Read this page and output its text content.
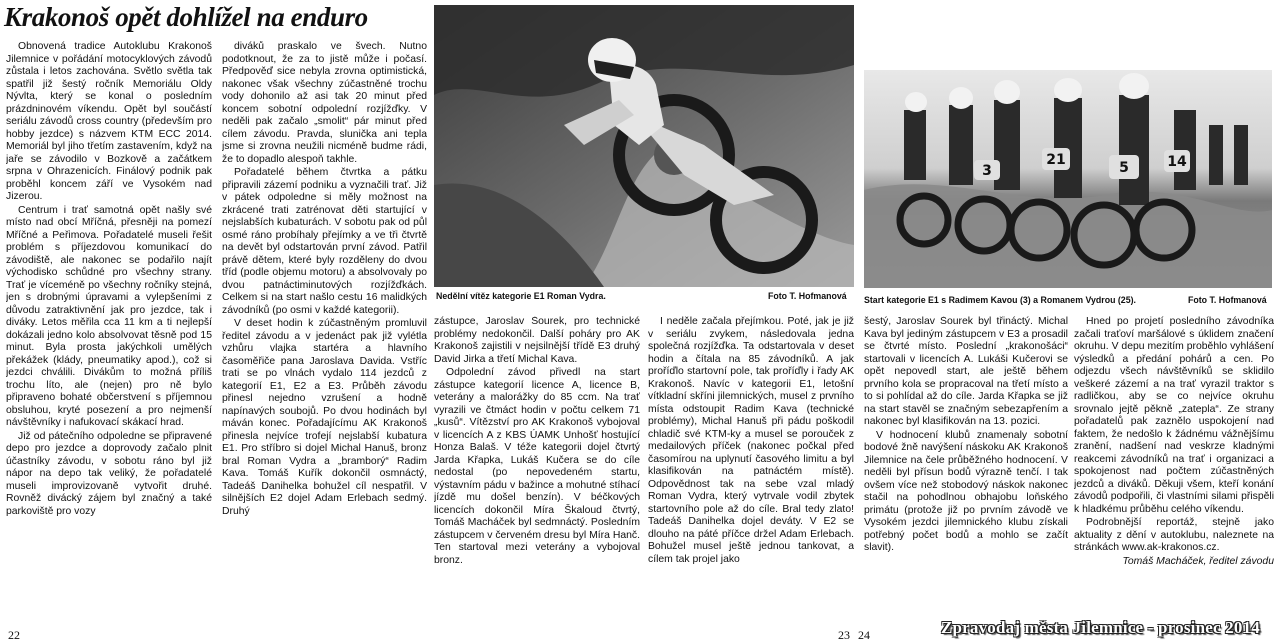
Krakonoš opět dohlížel na enduro

Obnovená tradice Autoklubu Krakonoš Jilemnice v pořádání motocyklových závodů zůstala i letos zachována. Světlo světla tak spatřil již šestý ročník Memoriálu Oldy Nývlta, který se konal o posledním prázdninovém víkendu. Opět byl součástí seriálu závodů cross country (především pro hobby jezdce) s názvem KTM ECC 2014. Memoriál byl jiho třetím zastavením, když na jaře se závodilo v Bozkově a začátkem srpna v Ohrazenicích. Finálový podnik pak proběhl koncem září ve Vysokém nad Jizerou.

Centrum i trať samotná opět našly své místo nad obcí Mříčná, přesněji na pomezí Mříčné a Peřimova. Pořadatelé museli řešit problém s příjezdovou komunikací do závodiště, ale nakonec se podařilo najít východisko schůdné pro všechny strany. Trať je víceméně po všechny ročníky stejná, jen s drobnými úpravami a vylepšeními z důvodu zatraktivnění jak pro jezdce, tak i diváky. Letos měřila cca 11 km a ti nejlepší dokázali jedno kolo absolvovat těsně pod 15 minut. Byla prosta jakýchkoli umělých překážek (klády, pneumatiky apod.), což si jezdci chválili. Divákům to možná příliš trochu líto, ale (nejen) pro ně bylo připraveno bohaté občerstvení s příjemnou obsluhou, kryté posezení a pro nejmenší návštěvníky i nafukovací skákací hrad.

Již od pátečního odpoledne se připravené depo pro jezdce a doprovody začalo plnit účastníky závodu, v sobotu ráno byl již nápor na depo tak veliký, že pořadatelé museli improvizovaně vytvořit druhé. Rovněž divácký zájem byl značný a také parkoviště pro vozy

diváků praskalo ve švech. Nutno podotknout, že za to jistě může i počasí. Předpověď sice nebyla zrovna optimistická, nakonec však všechny zúčastněné trochu vody dohonilo až asi tak 20 minut před koncem sobotní odpolední rozjížďky. V neděli pak začalo „smolit“ pár minut před cílem závodu. Pravda, slunička ani tepla jsme si zrovna neužili nicméně budme rádi, že to dopadlo alespoň takhle.

Pořadatelé během čtvrtka a pátku připravili zázemí podniku a vyznačili trať. Již v pátek odpoledne si měly možnost na zkrácené trati zatrénovat děti startující v nejslabších kubaturách. V sobotu pak od půl osmé ráno probíhaly přejímky a ve tři čtvrtě na devět byl odstartován první závod. Patřil právě dětem, které byly rozděleny do dvou tříd (podle objemu motoru) a absolvovaly po dvou patnáctiminutových rozjížďkách. Celkem si na start našlo cestu 16 malidkých závodníků (po osmi v každé kategorii).

V deset hodin k zúčastněným promluvil ředitel závodu a v jedenáct pak již vylétla vzhůru vlajka startéra a hlavního časoměřiče pana Jaroslava Davida. Vstříc trati se po vlnách vydalo 114 jezdců z kategorií E1, E2 a E3. Průběh závodu přinesl nejedno vzrušení a hodně napínavých soubojů. Po dvou hodinách byl máván konec. Pořadajícímu AK Krakonoš přinesla nejvíce trofejí nejslabší kubatura E1. Pro stříbro si dojel Michal Hanuš, bronz bral Roman Vydra a „bramborý“ Radim Kava. Tomáš Kuřík dokončil osmnáctý, Tadeáš Danihelka bohužel cíl nespatřil. V silnějších E2 dojel Adam Erlebach sedmý. Druhý

zástupce, Jaroslav Šourek, pro technické problémy nedokončil. Další poháry pro AK Krakonoš zajistili v nejsilnější třídě E3 druhý David Jirka a třetí Michal Kava.

Odpolední závod přivedl na start zástupce kategorií licence A, licence B, veterány a malorážky do 85 ccm. Na trať vyrazili ve čtmáct hodin v počtu celkem 71 „kusů“. Vítězství pro AK Krakonoš vybojoval v licencích A z KBS ÚAMK Unhošť hostující Honza Balaš. V téže kategorii dojel čtvrtý Jarda Křapka, Lukáš Kučera se do cíle nedostal (po nepovedeném startu, výstavním pádu v bažince a mohutné stíhací jízdě mu došel benzín). V béčkových licencích dokončil Míra Škaloud čtvrtý, Tomáš Macháček byl sedmnáctý. Posledním zástupcem v červeném dresu byl Míra Hanč. Ten startoval mezi veterány a vybojoval bronz.

I neděle začala přejímkou. Poté, jak je již v seriálu zvykem, následovala jedna společná rozjížďka. Ta odstartovala v deset hodin a čítala na 85 závodníků. A jak proříďlo startovní pole, tak proříďly i řady AK Krakonoš. Navíc v kategorii E1, letošní vítkladní skříni jilemnických, musel z prvního místa odstoupit Radim Kava (technické problémy), Michal Hanuš při pádu poškodil chladič své KTM-ky a musel se porouček z medailových příček (nakonec počkal před časomírou na uplynutí časového limitu a byl klasifikován na patnáctém místě). Odpovědnost tak na sebe vzal mladý Roman Vydra, který vytrvale vodil zbytek startovního pole až do cíle. Bral tedy zlato! Tadeáš Danihelka dojel deváty. V E2 se dlouho na páté příčce držel Adam Erlebach. Bohužel musel ještě jednou tankovat, a cílem tak projel jako

šestý, Jaroslav Šourek byl třináctý. Michal Kava byl jediným zástupcem v E3 a prosadil se čtvrté místo. Poslední „krakonošáci“ startovali v licencích A. Lukáši Kučerovi se opět nepovedl start, ale ještě během prvního kola se propracoval na třetí místo a to si pohlídal až do cíle. Jarda Křapka se již na start stavěl se značným sebezapřením a nakonec byl klasifikován na 13. pozici.

V hodnocení klubů znamenaly sobotní bodové žně navýšení náskoku AK Krakonoš Jilemnice na čele průběžného hodnocení. V neděli byl přísun bodů výrazně tenčí. I tak ovšem více než stobodový náskok nakonec stačil na pohodlnou obhajobu loňského primátu (protože již po prvním závodě ve Vysokém jezdci jilemnického klubu získali potřebný počet bodů a mohlo se začít slavit).

Hned po projetí posledního závodníka začali traťoví maršálové s úklidem značení okruhu. V depu mezitím proběhlo vyhlášení výsledků a předání pohárů a cen. Po odjezdu všech návštěvníků se sklidilo veškeré zázemí a na trať vyrazil traktor s radličkou, aby se co nejvíce okruhu srovnalo jejtě pěkně „zatepla“. Ze strany pořadatelů pak zaznělo uspokojení nad faktem, že nedošlo k žádnému vážnějšímu zranění, nadšení nad veskrze kladnými reakcemi závodníků na trať i organizaci a spokojenost nad počtem zúčastněných jezdců a diváků. Děkuji všem, kteří konání závodů podpořili, či vlastními silami přispěli k hladkému průběhu celého víkendu.

Podrobnější reportáž, stejně jako aktuality z dění v autoklubu, naleznete na stránkách www.ak-krakonos.cz.

Tomáš Macháček, ředitel závodu

Nedělní vítěz kategorie E1 Roman Vydra.	Foto T. Hofmanová
3
21	5	14
Start kategorie E1 s Radimem Kavou (3) a Romanem Vydrou (25).	Foto T. Hofmanová
22	23 24	Zpravodaj města Jilemnice - prosinec 2014
